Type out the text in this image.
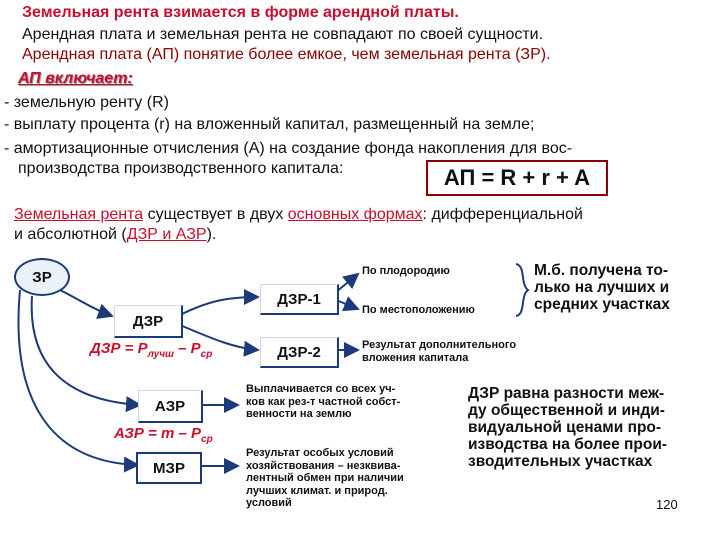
Земельная рента взимается в форме арендной платы.
Арендная плата и земельная рента не совпадают по своей сущности.
Арендная плата (АП) понятие более емкое, чем земельная рента (ЗР).
АП включает:
- земельную ренту (R)
- выплату процента (r) на вложенный капитал, размещенный на земле;
- амортизационные отчисления (А) на создание фонда накопления для вос-
производства производственного капитала:	АП = R + r + A
Земельная рента существует в двух основных формах: дифференциальной
и абсолютной (ДЗР и АЗР).
ЗР
ДЗР
ДЗР = $P_{лучш} - P_{ср}$
АЗР
АЗР = m – $P_{ср}$
МЗР
ДЗР-1
ДЗР-2
По плодородию
По местоположению
М.б. получена то-
лько на лучших и
средних участках
Результат дополнительного
вложения капитала
Выплачивается со всех уч-
ков как рез-т частной собст-
венности на землю
Результат особых условий
хозяйствования – незквива-
лентный обмен при наличии
лучших климат. и природ.
условий
ДЗР равна разности меж-
ду общественной и инди-
видуальной ценами про-
изводства на более прои-
зводительных участках
120
